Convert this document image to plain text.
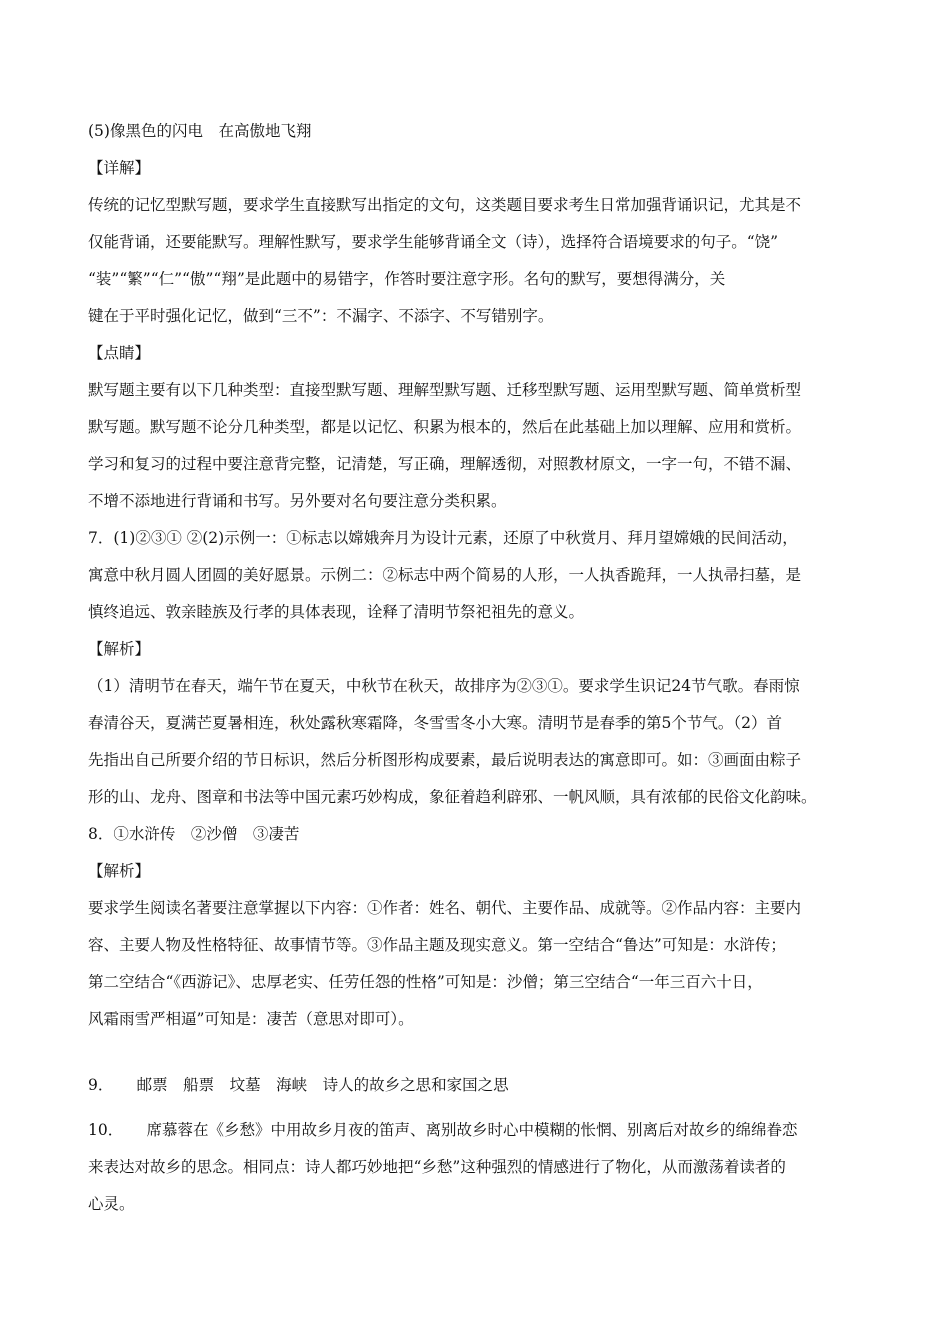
(5)像黑色的闪电　在高傲地飞翔
【详解】
传统的记忆型默写题，要求学生直接默写出指定的文句，这类题目要求考生日常加强背诵识记，尤其是不
仅能背诵，还要能默写。理解性默写，要求学生能够背诵全文（诗），选择符合语境要求的句子。“饶”
“装”“繁”“仁”“傲”“翔”是此题中的易错字，作答时要注意字形。名句的默写，要想得满分，关
键在于平时强化记忆，做到“三不”：不漏字、不添字、不写错别字。
【点睛】
默写题主要有以下几种类型：直接型默写题、理解型默写题、迁移型默写题、运用型默写题、简单赏析型
默写题。默写题不论分几种类型，都是以记忆、积累为根本的，然后在此基础上加以理解、应用和赏析。
学习和复习的过程中要注意背完整，记清楚，写正确，理解透彻，对照教材原文，一字一句，不错不漏、
不增不添地进行背诵和书写。另外要对名句要注意分类积累。
7．(1)②③① ②(2)示例一：①标志以嫦娥奔月为设计元素，还原了中秋赏月、拜月望嫦娥的民间活动，
寓意中秋月圆人团圆的美好愿景。示例二：②标志中两个简易的人形，一人执香跪拜，一人执帚扫墓，是
慎终追远、敦亲睦族及行孝的具体表现，诠释了清明节祭祀祖先的意义。
【解析】
（1）清明节在春天，端午节在夏天，中秋节在秋天，故排序为②③①。要求学生识记24节气歌。春雨惊
春清谷天，夏满芒夏暑相连，秋处露秋寒霜降，冬雪雪冬小大寒。清明节是春季的第5个节气。（2）首
先指出自己所要介绍的节日标识，然后分析图形构成要素，最后说明表达的寓意即可。如：③画面由粽子
形的山、龙舟、图章和书法等中国元素巧妙构成，象征着趋利辟邪、一帆风顺，具有浓郁的民俗文化韵味。
8．①水浒传　②沙僧　③凄苦
【解析】
要求学生阅读名著要注意掌握以下内容：①作者：姓名、朝代、主要作品、成就等。②作品内容：主要内
容、主要人物及性格特征、故事情节等。③作品主题及现实意义。第一空结合“鲁达”可知是：水浒传；
第二空结合“《西游记》、忠厚老实、任劳任怨的性格”可知是：沙僧；第三空结合“一年三百六十日，
风霜雨雪严相逼”可知是：凄苦（意思对即可）。
9．　　邮票　船票　坟墓　海峡　诗人的故乡之思和家国之思
10．　　席慕蓉在《乡愁》中用故乡月夜的笛声、离别故乡时心中模糊的怅惘、别离后对故乡的绵绵眷恋
来表达对故乡的思念。相同点：诗人都巧妙地把“乡愁”这种强烈的情感进行了物化，从而激荡着读者的
心灵。
